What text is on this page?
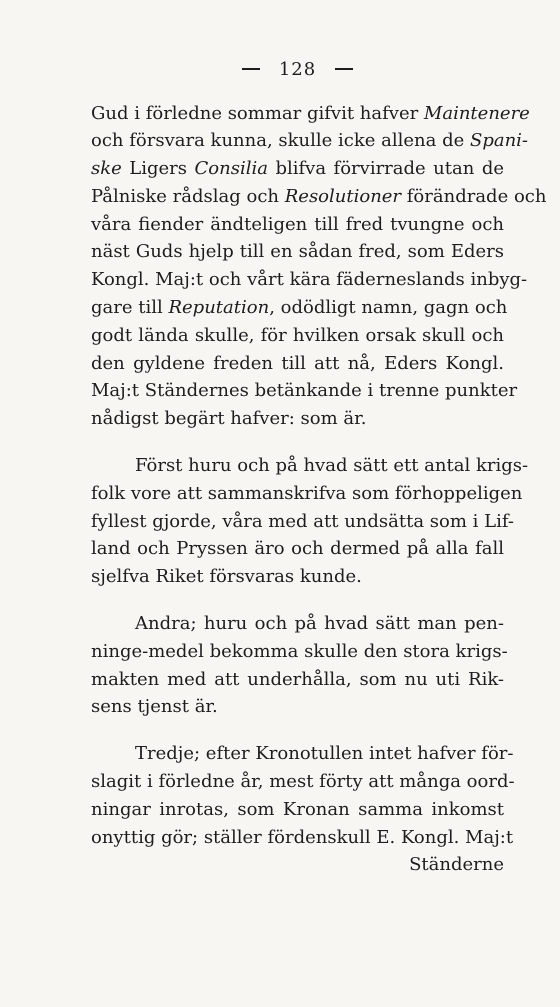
128
Gud i förledne sommar gifvit hafver Maintenere
och försvara kunna, skulle icke allena de Spani-
ske Ligers Consilia blifva förvirrade utan de
Pålniske rådslag och Resolutioner förändrade och
våra fiender ändteligen till fred tvungne och
näst Guds hjelp till en sådan fred, som Eders
Kongl. Maj:t och vårt kära fäderneslands inbyg-
gare till Reputation, odödligt namn, gagn och
godt lända skulle, för hvilken orsak skull och
den gyldene freden till att nå, Eders Kongl.
Maj:t Ständernes betänkande i trenne punkter
nådigst begärt hafver: som är.
Först huru och på hvad sätt ett antal krigs-
folk vore att sammanskrifva som förhoppeligen
fyllest gjorde, våra med att undsätta som i Lif-
land och Pryssen äro och dermed på alla fall
sjelfva Riket försvaras kunde.
Andra; huru och på hvad sätt man pen-
ninge-medel bekomma skulle den stora krigs-
makten med att underhålla, som nu uti Rik-
sens tjenst är.
Tredje; efter Kronotullen intet hafver för-
slagit i förledne år, mest förty att många oord-
ningar inrotas, som Kronan samma inkomst
onyttig gör; ställer fördenskull E. Kongl. Maj:t
Ständerne
